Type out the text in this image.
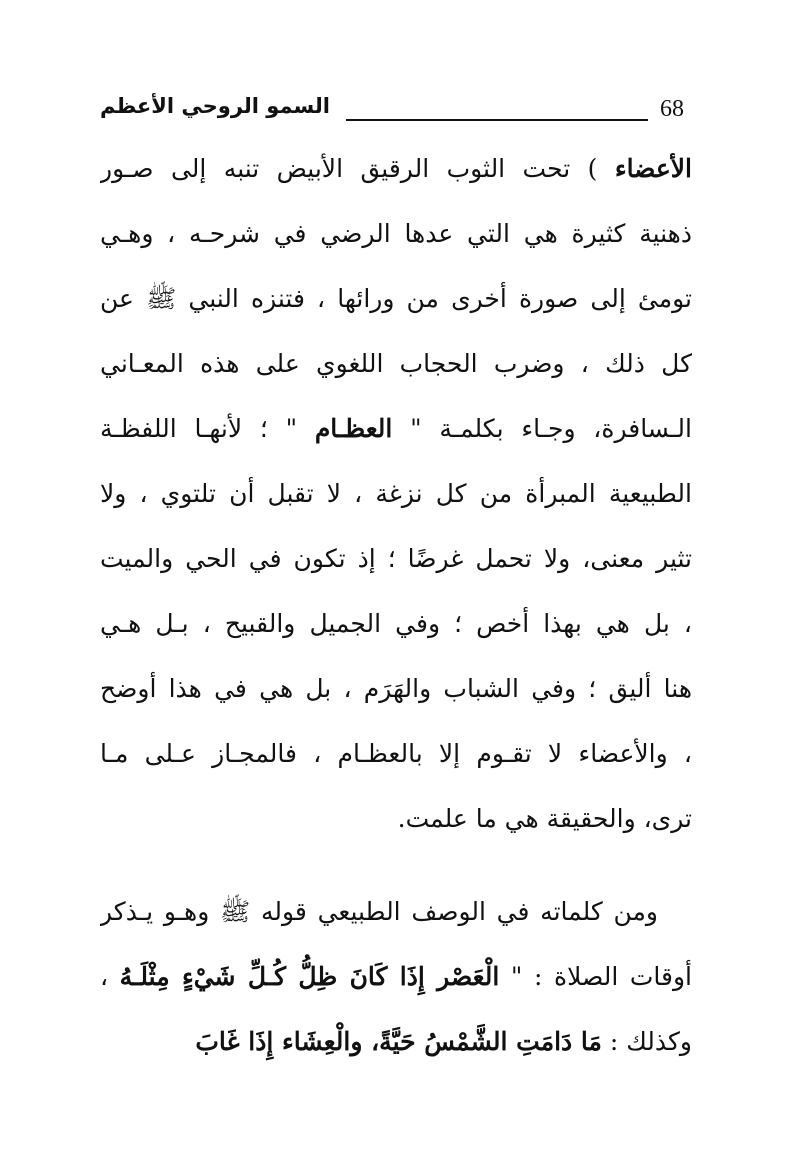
68
السمو الروحي الأعظم
الأعضاء ) تحت الثوب الرقيق الأبيض تنبه إلى صـور
ذهنية كثيرة هي التي عدها الرضي في شرحـه ، وهـي
تومئ إلى صورة أخرى من ورائها ، فتنزه النبي ﷺ عن
كل ذلك ، وضرب الحجاب اللغوي على هذه المعـاني
الـسافرة، وجـاء بكلمـة " العظـام " ؛ لأنهـا اللفظـة
الطبيعية المبرأة من كل نزغة ، لا تقبل أن تلتوي ، ولا
تثير معنى، ولا تحمل غرضًا ؛ إذ تكون في الحي والميت
، بل هي بهذا أخص ؛ وفي الجميل والقبيح ، بـل هـي
هنا أليق ؛ وفي الشباب والهَرَم ، بل هي في هذا أوضح
، والأعضاء لا تقـوم إلا بالعظـام ، فالمجـاز عـلى مـا
ترى، والحقيقة هي ما علمت.
ومن كلماته في الوصف الطبيعي قوله ﷺ وهـو يـذكر
أوقات الصلاة : " الْعَصْر إِذَا كَانَ ظِلُّ كُـلِّ شَيْءٍ مِثْلَـهُ ،
وكذلك : مَا دَامَتِ الشَّمْسُ حَيَّةً، والْعِشَاء إِذَا غَابَ
